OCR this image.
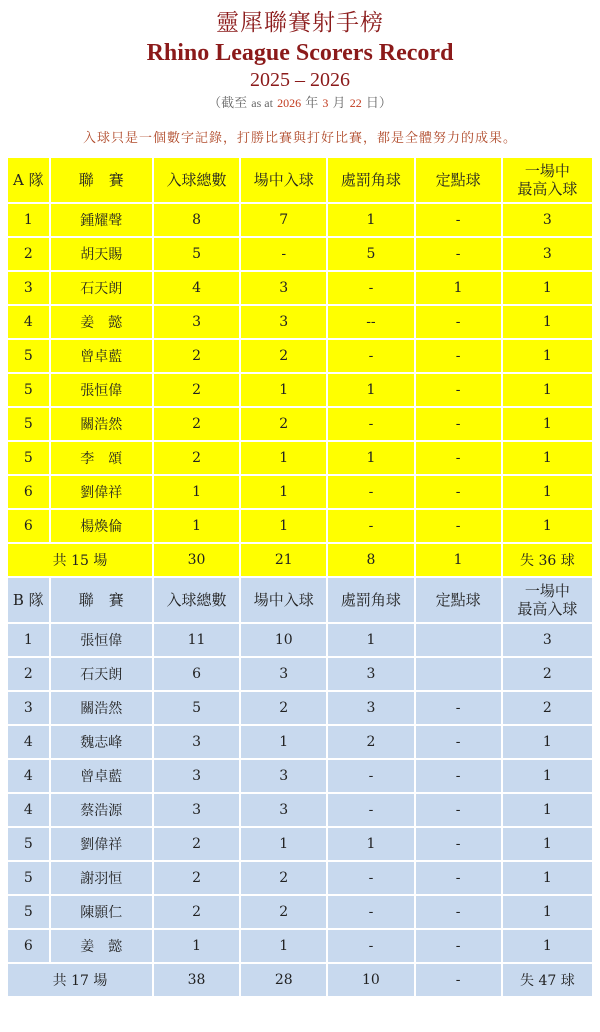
靈犀聯賽射手榜
Rhino League Scorers Record
2025 – 2026
（截至 as at 2026 年 3 月 22 日）
入球只是一個數字記錄，打勝比賽與打好比賽，都是全體努力的成果。
A 隊	聯　賽	入球總數	場中入球	處罰角球	定點球	一場中
最高入球
1	鍾耀聲	8	7	1	-	3
2	胡天賜	5	-	5	-	3
3	石天朗	4	3	-	1	1
4	姜　懿	3	3	--	-	1
5	曾卓藍	2	2	-	-	1
5	張恒偉	2	1	1	-	1
5	關浩然	2	2	-	-	1
5	李　頌	2	1	1	-	1
6	劉偉祥	1	1	-	-	1
6	楊煥倫	1	1	-	-	1
共 15 場		30	21	8	1	失 36 球
B 隊	聯　賽	入球總數	場中入球	處罰角球	定點球	一場中
最高入球
1	張恒偉	11	10	1		3
2	石天朗	6	3	3		2
3	關浩然	5	2	3	-	2
4	魏志峰	3	1	2	-	1
4	曾卓藍	3	3	-	-	1
4	蔡浩源	3	3	-	-	1
5	劉偉祥	2	1	1	-	1
5	謝羽恒	2	2	-	-	1
5	陳顥仁	2	2	-	-	1
6	姜　懿	1	1	-	-	1
共 17 場		38	28	10	-	失 47 球
